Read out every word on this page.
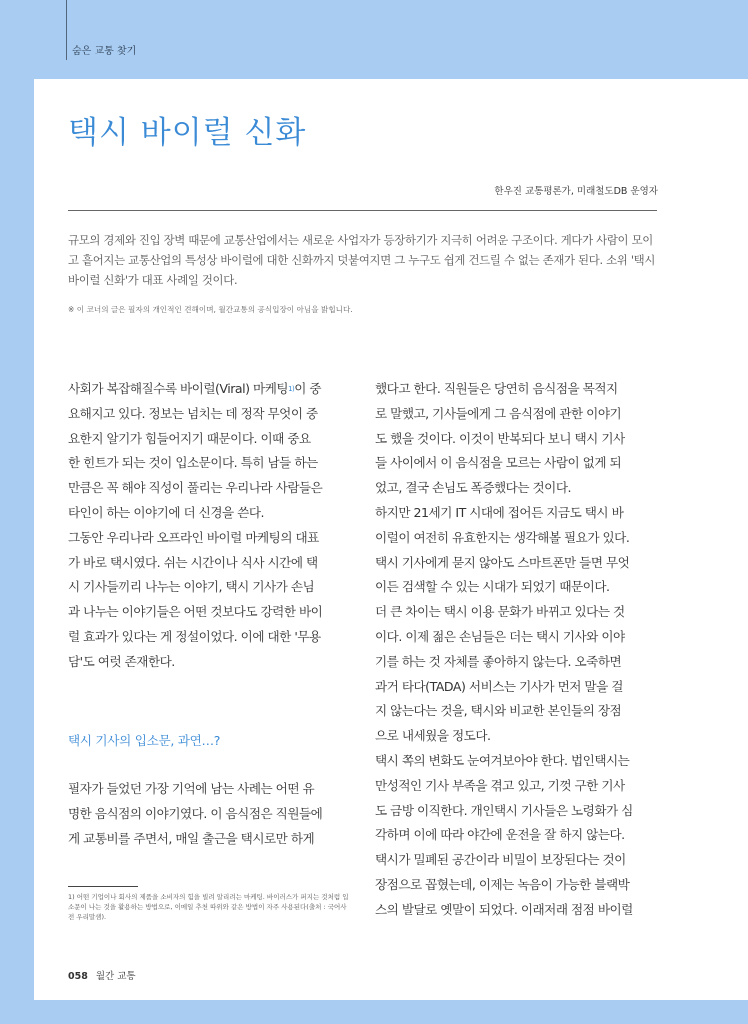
숨은 교통 찾기
택시 바이럴 신화
한우진 교통평론가, 미래철도DB 운영자

규모의 경제와 진입 장벽 때문에 교통산업에서는 새로운 사업자가 등장하기가 지극히 어려운 구조이다. 게다가 사람이 모이고 흩어지는 교통산업의 특성상 바이럴에 대한 신화까지 덧붙여지면 그 누구도 쉽게 건드릴 수 없는 존재가 된다. 소위 '택시 바이럴 신화'가 대표 사례일 것이다.

※ 이 코너의 글은 필자의 개인적인 견해이며, 월간교통의 공식입장이 아님을 밝힙니다.

사회가 복잡해질수록 바이럴(Viral) 마케팅$^{1)}$이 중
요해지고 있다. 정보는 넘치는 데 정작 무엇이 중
요한지 알기가 힘들어지기 때문이다. 이때 중요
한 힌트가 되는 것이 입소문이다. 특히 남들 하는
만큼은 꼭 해야 직성이 풀리는 우리나라 사람들은
타인이 하는 이야기에 더 신경을 쓴다.
그동안 우리나라 오프라인 바이럴 마케팅의 대표
가 바로 택시였다. 쉬는 시간이나 식사 시간에 택
시 기사들끼리 나누는 이야기, 택시 기사가 손님
과 나누는 이야기들은 어떤 것보다도 강력한 바이
럴 효과가 있다는 게 정설이었다. 이에 대한 '무용
담'도 여럿 존재한다.
택시 기사의 입소문, 과연…?
필자가 들었던 가장 기억에 남는 사례는 어떤 유
명한 음식점의 이야기였다. 이 음식점은 직원들에
게 교통비를 주면서, 매일 출근을 택시로만 하게
했다고 한다. 직원들은 당연히 음식점을 목적지
로 말했고, 기사들에게 그 음식점에 관한 이야기
도 했을 것이다. 이것이 반복되다 보니 택시 기사
들 사이에서 이 음식점을 모르는 사람이 없게 되
었고, 결국 손님도 폭증했다는 것이다.
하지만 21세기 IT 시대에 접어든 지금도 택시 바
이럴이 여전히 유효한지는 생각해볼 필요가 있다.
택시 기사에게 묻지 않아도 스마트폰만 들면 무엇
이든 검색할 수 있는 시대가 되었기 때문이다.
더 큰 차이는 택시 이용 문화가 바뀌고 있다는 것
이다. 이제 젊은 손님들은 더는 택시 기사와 이야
기를 하는 것 자체를 좋아하지 않는다. 오죽하면
과거 타다(TADA) 서비스는 기사가 먼저 말을 걸
지 않는다는 것을, 택시와 비교한 본인들의 장점
으로 내세웠을 정도다.
택시 쪽의 변화도 눈여겨보아야 한다. 법인택시는
만성적인 기사 부족을 겪고 있고, 기껏 구한 기사
도 금방 이직한다. 개인택시 기사들은 노령화가 심
각하며 이에 따라 야간에 운전을 잘 하지 않는다.
택시가 밀폐된 공간이라 비밀이 보장된다는 것이
장점으로 꼽혔는데, 이제는 녹음이 가능한 블랙박
스의 발달로 옛말이 되었다. 이래저래 점점 바이럴

1) 어떤 기업이나 회사의 제품을 소비자의 힘을 빌려 알리려는 마케팅. 바이러스가 퍼지는 것처럼 입소문이 나는 것을 활용하는 방법으로, 이메일 추천 따위와 같은 방법이 자주 사용된다(출처 : 국어사전 우리말샘).

058 월간 교통
